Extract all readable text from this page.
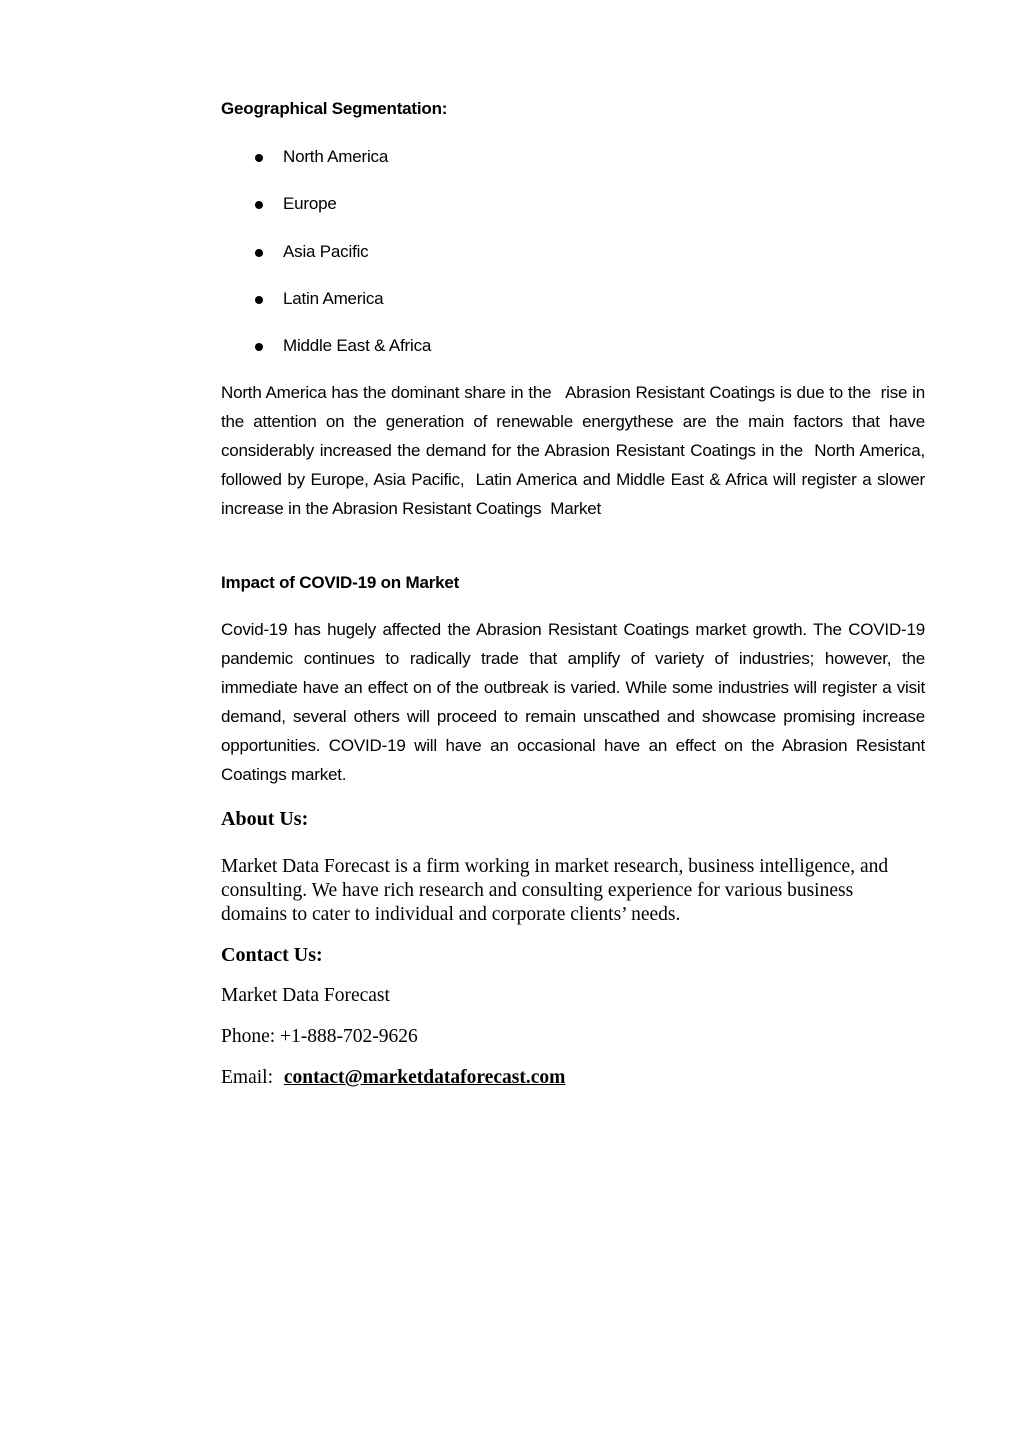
Geographical Segmentation:
North America
Europe
Asia Pacific
Latin America
Middle East & Africa

North America has the dominant share in the   Abrasion Resistant Coatings is due to the  rise in the attention on the generation of renewable energythese are the main factors that have considerably increased the demand for the Abrasion Resistant Coatings in the  North America, followed by Europe, Asia Pacific,  Latin America and Middle East & Africa will register a slower increase in the Abrasion Resistant Coatings  Market

Impact of COVID-19 on Market

Covid-19 has hugely affected the Abrasion Resistant Coatings market growth. The COVID-19 pandemic continues to radically trade that amplify of variety of industries; however, the immediate have an effect on of the outbreak is varied. While some industries will register a visit demand, several others will proceed to remain unscathed and showcase promising increase opportunities. COVID-19 will have an occasional have an effect on the Abrasion Resistant Coatings market.

About Us:

Market Data Forecast is a firm working in market research, business intelligence, and consulting. We have rich research and consulting experience for various business domains to cater to individual and corporate clients’ needs.

Contact Us:
Market Data Forecast
Phone: +1-888-702-9626
Email: contact@marketdataforecast.com
